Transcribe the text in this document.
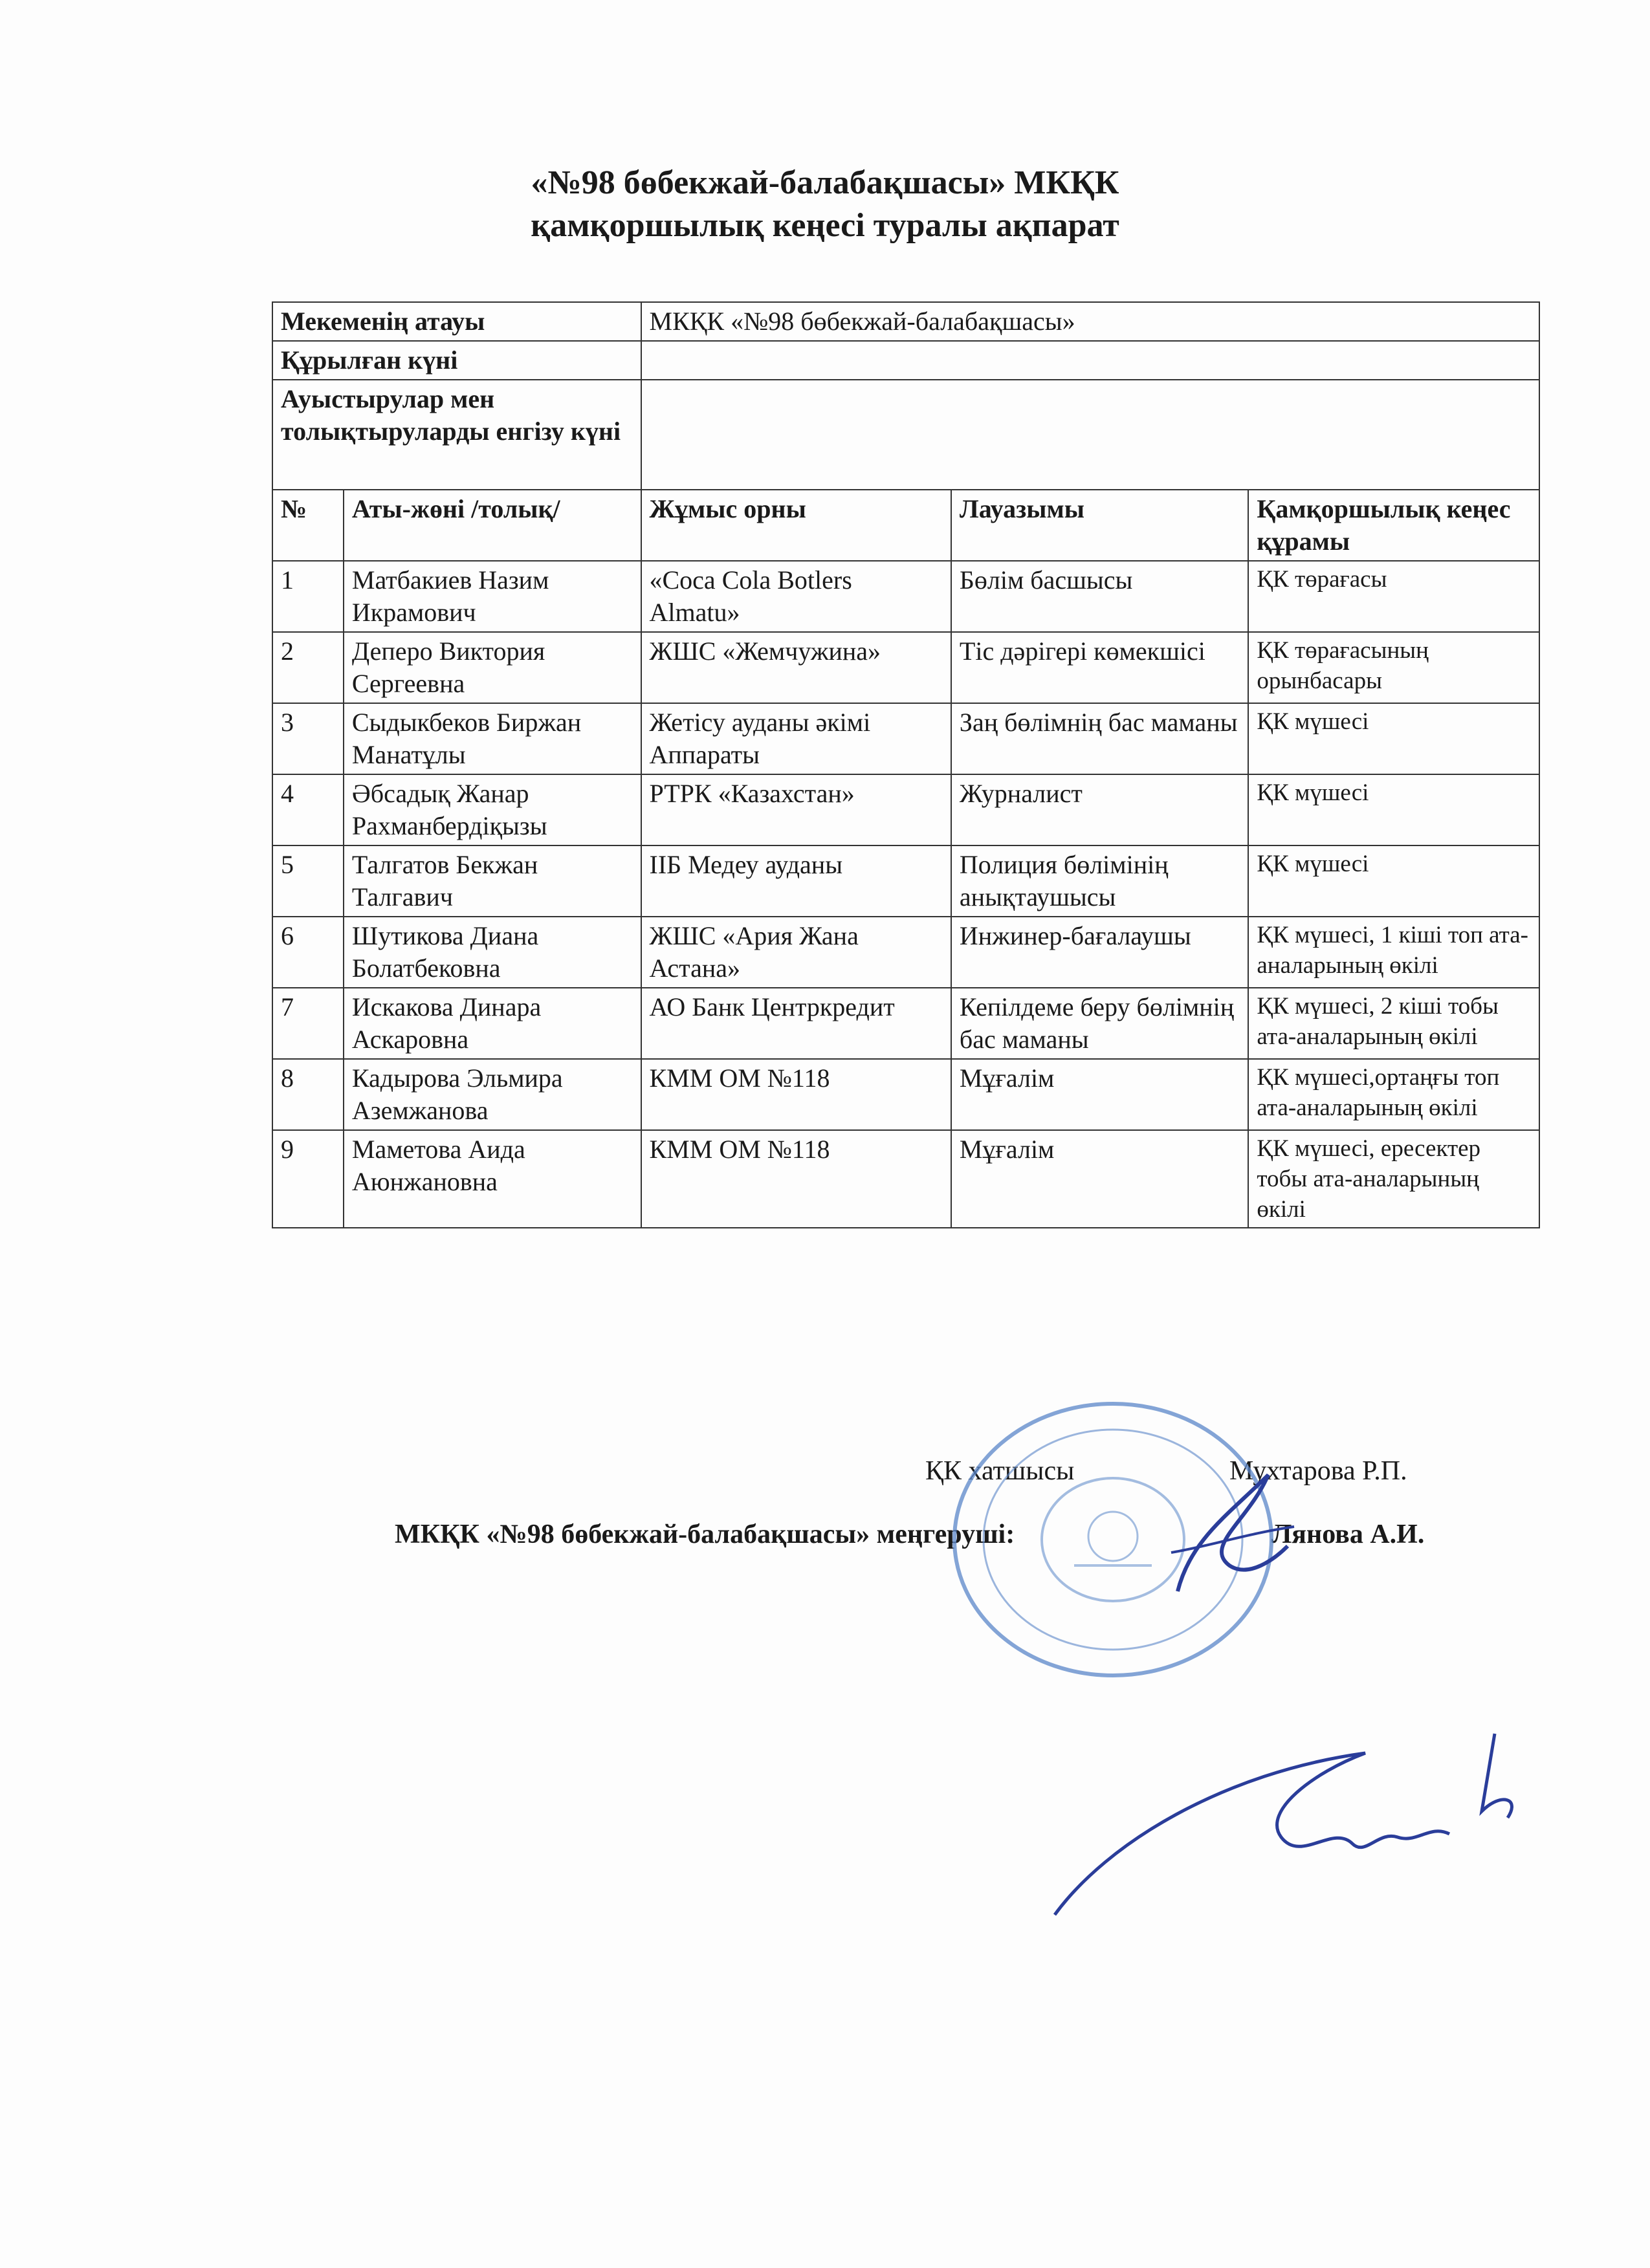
«№98 бөбекжай-балабақшасы» МКҚК
қамқоршылық кеңесі туралы ақпарат
Мекеменің атауы		МКҚК «№98 бөбекжай-балабақшасы»		
Құрылған күні				
Ауыстырулар мен толықтыруларды енгізу күні				
№	Аты-жөні /толық/	Жұмыс орны	Лауазымы	Қамқоршылық кеңес құрамы
1	Матбакиев Назим Икрамович	«Coca Cola Botlers Almatu»	Бөлім басшысы	ҚК төрағасы
2	Деперо Виктория Сергеевна	ЖШС «Жемчужина»	Тіс дәрігері көмекшісі	ҚК төрағасының орынбасары
3	Сыдыкбеков Биржан Манатұлы	Жетісу ауданы әкімі Аппараты	Заң бөлімнің бас маманы	ҚК мүшесі
4	Әбсадық Жанар Рахманбердіқызы	РТРК «Казахстан»	Журналист	ҚК мүшесі
5	Талгатов Бекжан Талгавич	ІІБ Медеу ауданы	Полиция бөлімінің анықтаушысы	ҚК мүшесі
6	Шутикова Диана Болатбековна	ЖШС «Ария Жана Астана»	Инжинер-бағалаушы	ҚК мүшесі, 1 кіші топ ата-аналарының өкілі
7	Искакова Динара Аскаровна	АО Банк Центркредит	Кепілдеме беру бөлімнің бас маманы	ҚК мүшесі, 2 кіші тобы ата-аналарының өкілі
8	Кадырова Эльмира Аземжанова	КММ ОМ №118	Мұғалім	ҚК мүшесі,ортаңғы топ ата-аналарының өкілі
9	Маметова Аида Аюнжановна	КММ ОМ №118	Мұғалім	ҚК мүшесі, ересектер тобы ата-аналарының өкілі
ҚК хатшысы	Мухтарова Р.П.
МКҚК «№98 бөбекжай-балабақшасы» меңгеруші:	Лянова А.И.
